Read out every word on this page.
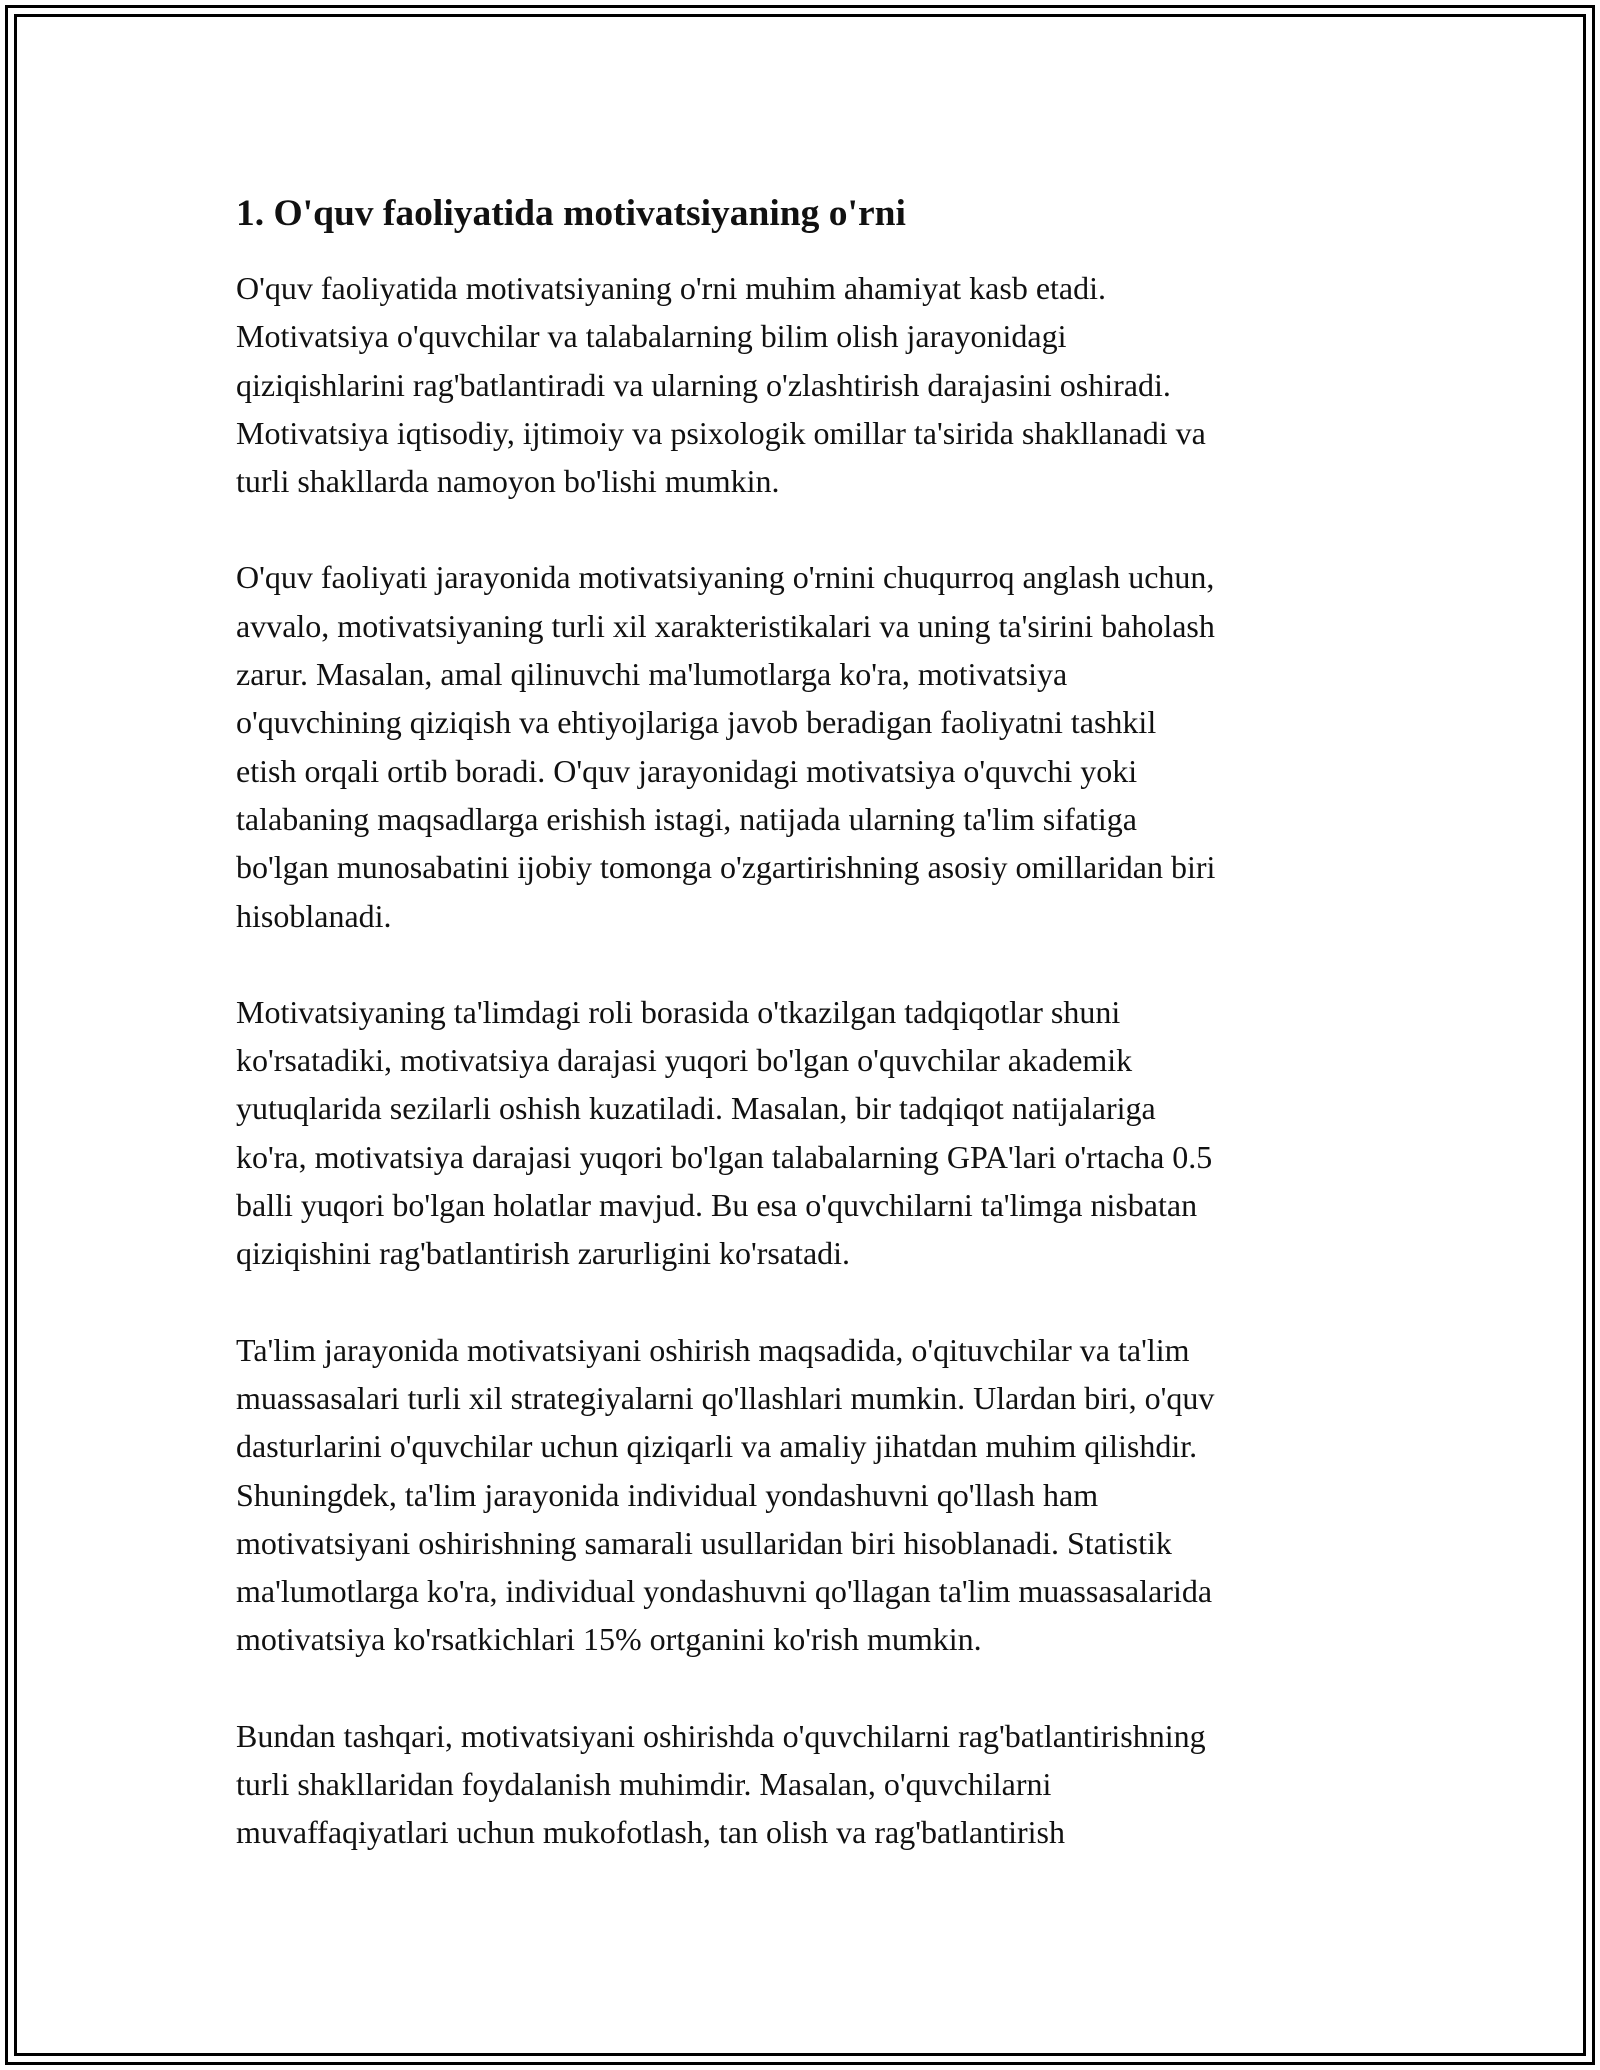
1. O'quv faoliyatida motivatsiyaning o'rni

O'quv faoliyatida motivatsiyaning o'rni muhim ahamiyat kasb etadi.
Motivatsiya o'quvchilar va talabalarning bilim olish jarayonidagi
qiziqishlarini rag'batlantiradi va ularning o'zlashtirish darajasini oshiradi.
Motivatsiya iqtisodiy, ijtimoiy va psixologik omillar ta'sirida shakllanadi va
turli shakllarda namoyon bo'lishi mumkin.

O'quv faoliyati jarayonida motivatsiyaning o'rnini chuqurroq anglash uchun,
avvalo, motivatsiyaning turli xil xarakteristikalari va uning ta'sirini baholash
zarur. Masalan, amal qilinuvchi ma'lumotlarga ko'ra, motivatsiya
o'quvchining qiziqish va ehtiyojlariga javob beradigan faoliyatni tashkil
etish orqali ortib boradi. O'quv jarayonidagi motivatsiya o'quvchi yoki
talabaning maqsadlarga erishish istagi, natijada ularning ta'lim sifatiga
bo'lgan munosabatini ijobiy tomonga o'zgartirishning asosiy omillaridan biri
hisoblanadi.

Motivatsiyaning ta'limdagi roli borasida o'tkazilgan tadqiqotlar shuni
ko'rsatadiki, motivatsiya darajasi yuqori bo'lgan o'quvchilar akademik
yutuqlarida sezilarli oshish kuzatiladi. Masalan, bir tadqiqot natijalariga
ko'ra, motivatsiya darajasi yuqori bo'lgan talabalarning GPA'lari o'rtacha 0.5
balli yuqori bo'lgan holatlar mavjud. Bu esa o'quvchilarni ta'limga nisbatan
qiziqishini rag'batlantirish zarurligini ko'rsatadi.

Ta'lim jarayonida motivatsiyani oshirish maqsadida, o'qituvchilar va ta'lim
muassasalari turli xil strategiyalarni qo'llashlari mumkin. Ulardan biri, o'quv
dasturlarini o'quvchilar uchun qiziqarli va amaliy jihatdan muhim qilishdir.
Shuningdek, ta'lim jarayonida individual yondashuvni qo'llash ham
motivatsiyani oshirishning samarali usullaridan biri hisoblanadi. Statistik
ma'lumotlarga ko'ra, individual yondashuvni qo'llagan ta'lim muassasalarida
motivatsiya ko'rsatkichlari 15% ortganini ko'rish mumkin.

Bundan tashqari, motivatsiyani oshirishda o'quvchilarni rag'batlantirishning
turli shakllaridan foydalanish muhimdir. Masalan, o'quvchilarni
muvaffaqiyatlari uchun mukofotlash, tan olish va rag'batlantirish
